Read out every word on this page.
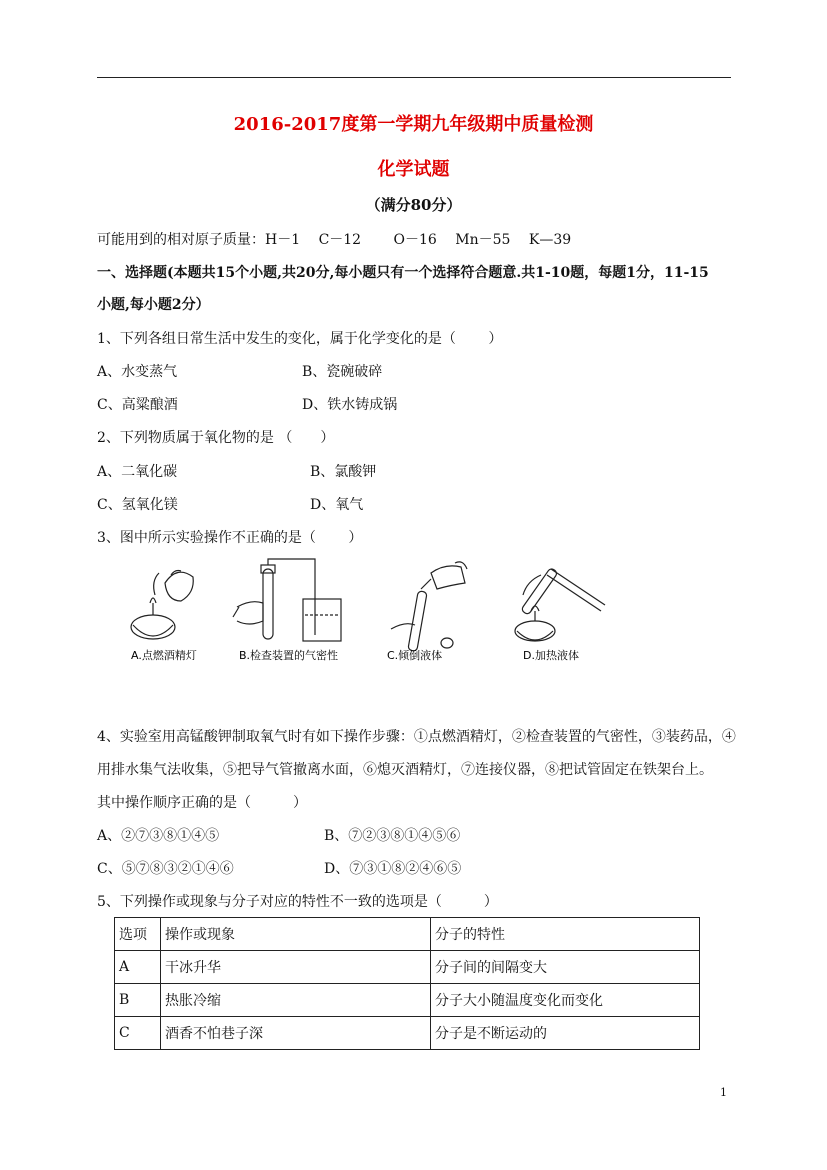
2016-2017度第一学期九年级期中质量检测
化学试题
（满分80分）
可能用到的相对原子质量：H－1　 C－12　　 O－16　 Mn－55　 K—39
一、选择题(本题共15个小题,共20分,每小题只有一个选择符合题意.共1-10题，每题1分，11-15
小题,每小题2分）
1、下列各组日常生活中发生的变化，属于化学变化的是（　　 ）
A、水变蒸气	B、瓷碗破碎
C、高粱酿酒	D、铁水铸成锅
2、下列物质属于氧化物的是 （　　）
A、二氧化碳	B、氯酸钾
C、氢氧化镁	D、氧气
3、图中所示实验操作不正确的是（　　 ）
A.点燃酒精灯	B.检查装置的气密性	C.倾倒液体	D.加热液体
4、实验室用高锰酸钾制取氧气时有如下操作步骤：①点燃酒精灯，②检查装置的气密性，③装药品，④
用排水集气法收集，⑤把导气管撤离水面，⑥熄灭酒精灯，⑦连接仪器，⑧把试管固定在铁架台上。
其中操作顺序正确的是（　　　）
A、②⑦③⑧①④⑤	B、⑦②③⑧①④⑤⑥
C、⑤⑦⑧③②①④⑥	D、⑦③①⑧②④⑥⑤
5、下列操作或现象与分子对应的特性不一致的选项是（　　　）
选项	操作或现象	分子的特性
A	干冰升华	分子间的间隔变大
B	热胀冷缩	分子大小随温度变化而变化
C	酒香不怕巷子深	分子是不断运动的
1
